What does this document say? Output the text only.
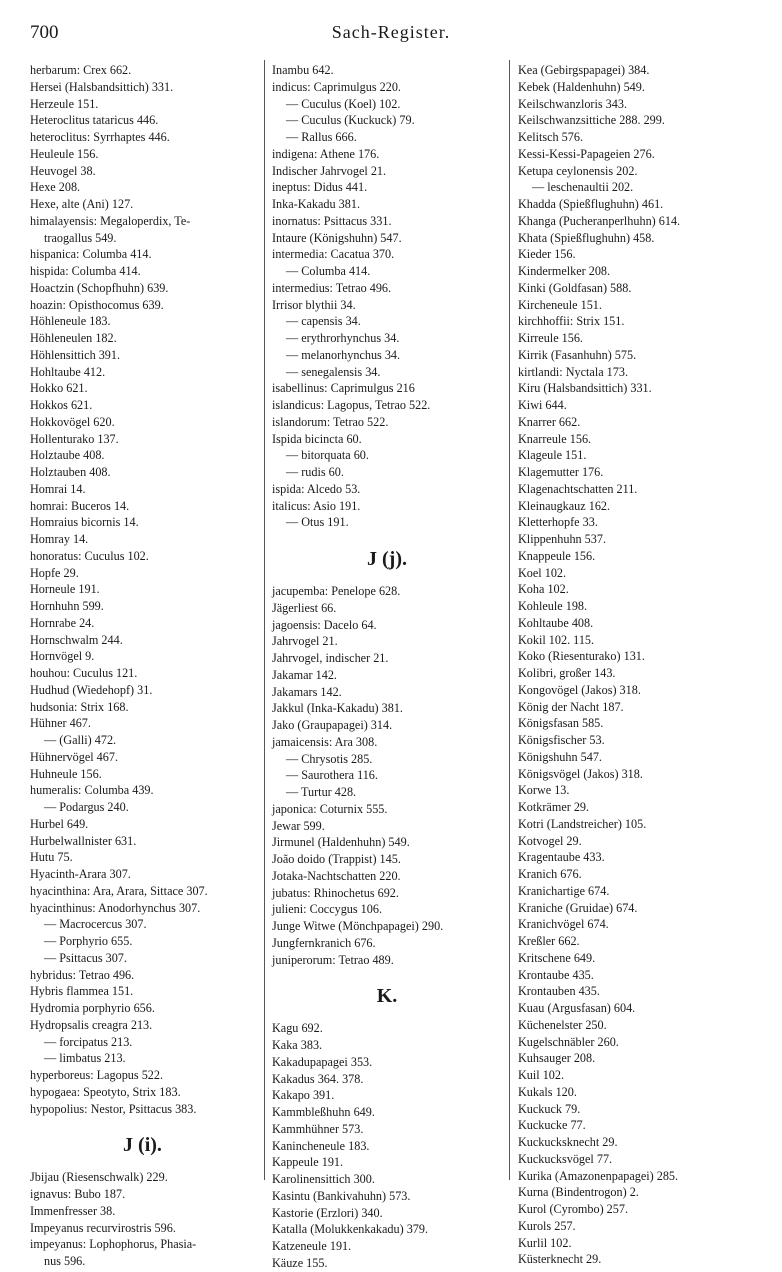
700	Sach-Register.
herbarum: Crex 662.
Hersei (Halsbandsittich) 331.
Herzeule 151.
Heteroclitus tataricus 446.
heteroclitus: Syrrhaptes 446.
Heuleule 156.
Heuvogel 38.
Hexe 208.
Hexe, alte (Ani) 127.
himalayensis: Megaloperdix, Te-
traogallus 549.
hispanica: Columba 414.
hispida: Columba 414.
Hoactzin (Schopfhuhn) 639.
hoazin: Opisthocomus 639.
Höhleneule 183.
Höhleneulen 182.
Höhlensittich 391.
Hohltaube 412.
Hokko 621.
Hokkos 621.
Hokkovögel 620.
Hollenturako 137.
Holztaube 408.
Holztauben 408.
Homrai 14.
homrai: Buceros 14.
Homraius bicornis 14.
Homray 14.
honoratus: Cuculus 102.
Hopfe 29.
Horneule 191.
Hornhuhn 599.
Hornrabe 24.
Hornschwalm 244.
Hornvögel 9.
houhou: Cuculus 121.
Hudhud (Wiedehopf) 31.
hudsonia: Strix 168.
Hühner 467.
— (Galli) 472.
Hühnervögel 467.
Huhneule 156.
humeralis: Columba 439.
— Podargus 240.
Hurbel 649.
Hurbelwallnister 631.
Hutu 75.
Hyacinth-Arara 307.
hyacinthina: Ara, Arara, Sittace 307.
hyacinthinus: Anodorhynchus 307.
— Macrocercus 307.
— Porphyrio 655.
— Psittacus 307.
hybridus: Tetrao 496.
Hybris flammea 151.
Hydromia porphyrio 656.
Hydropsalis creagra 213.
— forcipatus 213.
— limbatus 213.
hyperboreus: Lagopus 522.
hypogaea: Speotyto, Strix 183.
hypopolius: Nestor, Psittacus 383.
J (i).
Jbijau (Riesenschwalk) 229.
ignavus: Bubo 187.
Immenfresser 38.
Impeyanus recurvirostris 596.
impeyanus: Lophophorus, Phasia-
nus 596.
Inambu 642.
indicus: Caprimulgus 220.
— Cuculus (Koel) 102.
— Cuculus (Kuckuck) 79.
— Rallus 666.
indigena: Athene 176.
Indischer Jahrvogel 21.
ineptus: Didus 441.
Inka-Kakadu 381.
inornatus: Psittacus 331.
Intaure (Königshuhn) 547.
intermedia: Cacatua 370.
— Columba 414.
intermedius: Tetrao 496.
Irrisor blythii 34.
— capensis 34.
— erythrorhynchus 34.
— melanorhynchus 34.
— senegalensis 34.
isabellinus: Caprimulgus 216
islandicus: Lagopus, Tetrao 522.
islandorum: Tetrao 522.
Ispida bicincta 60.
— bitorquata 60.
— rudis 60.
ispida: Alcedo 53.
italicus: Asio 191.
— Otus 191.
J (j).
jacupemba: Penelope 628.
Jägerliest 66.
jagoensis: Dacelo 64.
Jahrvogel 21.
Jahrvogel, indischer 21.
Jakamar 142.
Jakamars 142.
Jakkul (Inka-Kakadu) 381.
Jako (Graupapagei) 314.
jamaicensis: Ara 308.
— Chrysotis 285.
— Saurothera 116.
— Turtur 428.
japonica: Coturnix 555.
Jewar 599.
Jirmunel (Haldenhuhn) 549.
João doido (Trappist) 145.
Jotaka-Nachtschatten 220.
jubatus: Rhinochetus 692.
julieni: Coccygus 106.
Junge Witwe (Mönchpapagei) 290.
Jungfernkranich 676.
juniperorum: Tetrao 489.
K.
Kagu 692.
Kaka 383.
Kakadupapagei 353.
Kakadus 364. 378.
Kakapo 391.
Kammbleßhuhn 649.
Kammhühner 573.
Kanincheneule 183.
Kappeule 191.
Karolinensittich 300.
Kasintu (Bankivahuhn) 573.
Kastorie (Erzlori) 340.
Katalla (Molukkenkakadu) 379.
Katzeneule 191.
Käuze 155.
Kea (Gebirgspapagei) 384.
Kebek (Haldenhuhn) 549.
Keilschwanzloris 343.
Keilschwanzsittiche 288. 299.
Kelitsch 576.
Kessi-Kessi-Papageien 276.
Ketupa ceylonensis 202.
— leschenaultii 202.
Khadda (Spießflughuhn) 461.
Khanga (Pucheranperlhuhn) 614.
Khata (Spießflughuhn) 458.
Kieder 156.
Kindermelker 208.
Kinki (Goldfasan) 588.
Kircheneule 151.
kirchhoffii: Strix 151.
Kirreule 156.
Kirrik (Fasanhuhn) 575.
kirtlandi: Nyctala 173.
Kiru (Halsbandsittich) 331.
Kiwi 644.
Knarrer 662.
Knarreule 156.
Klageule 151.
Klagemutter 176.
Klagenachtschatten 211.
Kleinaugkauz 162.
Kletterhopfe 33.
Klippenhuhn 537.
Knappeule 156.
Koel 102.
Koha 102.
Kohleule 198.
Kohltaube 408.
Kokil 102. 115.
Koko (Riesenturako) 131.
Kolibri, großer 143.
Kongovögel (Jakos) 318.
König der Nacht 187.
Königsfasan 585.
Königsfischer 53.
Königshuhn 547.
Königsvögel (Jakos) 318.
Korwe 13.
Kotkrämer 29.
Kotri (Landstreicher) 105.
Kotvogel 29.
Kragentaube 433.
Kranich 676.
Kranichartige 674.
Kraniche (Gruidae) 674.
Kranichvögel 674.
Kreßler 662.
Kritschene 649.
Krontaube 435.
Krontauben 435.
Kuau (Argusfasan) 604.
Küchenelster 250.
Kugelschnäbler 260.
Kuhsauger 208.
Kuil 102.
Kukals 120.
Kuckuck 79.
Kuckucke 77.
Kuckucksknecht 29.
Kuckucksvögel 77.
Kurika (Amazonenpapagei) 285.
Kurna (Bindentrogon) 2.
Kurol (Cyrombo) 257.
Kurols 257.
Kurlil 102.
Küsterknecht 29.
